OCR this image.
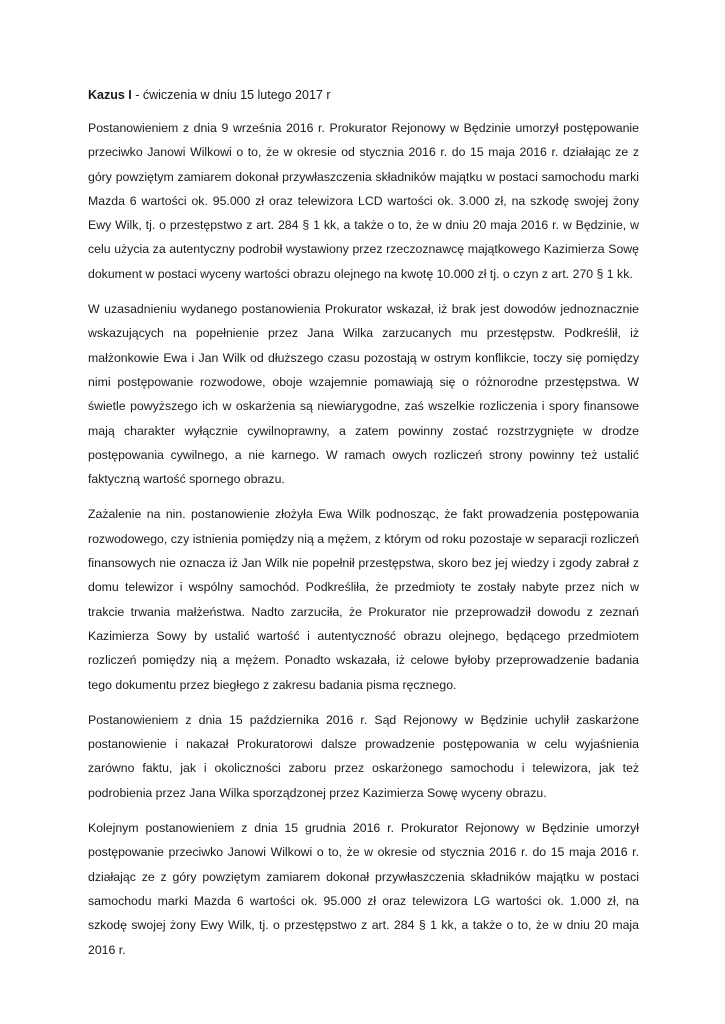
Kazus I - ćwiczenia w dniu 15 lutego 2017 r

Postanowieniem z dnia 9 września 2016 r. Prokurator Rejonowy w Będzinie umorzył postępowanie przeciwko Janowi Wilkowi o to, że w okresie od stycznia 2016 r. do 15 maja 2016 r. działając ze z góry powziętym zamiarem dokonał przywłaszczenia składników majątku w postaci samochodu marki Mazda 6 wartości ok. 95.000 zł oraz telewizora LCD wartości ok. 3.000 zł, na szkodę swojej żony Ewy Wilk, tj. o przestępstwo z art. 284 § 1 kk, a także o to, że w dniu 20 maja 2016 r. w Będzinie, w celu użycia za autentyczny podrobił wystawiony przez rzeczoznawcę majątkowego Kazimierza Sowę dokument w postaci wyceny wartości obrazu olejnego na kwotę 10.000 zł tj. o czyn z art. 270 § 1 kk.

W uzasadnieniu wydanego postanowienia Prokurator wskazał, iż brak jest dowodów jednoznacznie wskazujących na popełnienie przez Jana Wilka zarzucanych mu przestępstw. Podkreślił, iż małżonkowie Ewa i Jan Wilk od dłuższego czasu pozostają w ostrym konflikcie, toczy się pomiędzy nimi postępowanie rozwodowe, oboje wzajemnie pomawiają się o różnorodne przestępstwa. W świetle powyższego ich w oskarżenia są niewiarygodne, zaś wszelkie rozliczenia i spory finansowe mają charakter wyłącznie cywilnoprawny, a zatem powinny zostać rozstrzygnięte w drodze postępowania cywilnego, a nie karnego. W ramach owych rozliczeń strony powinny też ustalić faktyczną wartość spornego obrazu.

Zażalenie na nin. postanowienie złożyła Ewa Wilk podnosząc, że fakt prowadzenia postępowania rozwodowego, czy istnienia pomiędzy nią a mężem, z którym od roku pozostaje w separacji rozliczeń finansowych nie oznacza iż Jan Wilk nie popełnił przestępstwa, skoro bez jej wiedzy i zgody zabrał z domu telewizor i wspólny samochód. Podkreśliła, że przedmioty te zostały nabyte przez nich w trakcie trwania małżeństwa. Nadto zarzuciła, że Prokurator nie przeprowadził dowodu z zeznań Kazimierza Sowy by ustalić wartość i autentyczność obrazu olejnego, będącego przedmiotem rozliczeń pomiędzy nią a mężem. Ponadto wskazała, iż celowe byłoby przeprowadzenie badania tego dokumentu przez biegłego z zakresu badania pisma ręcznego.

Postanowieniem z dnia 15 października 2016 r. Sąd Rejonowy w Będzinie uchylił zaskarżone postanowienie i nakazał Prokuratorowi dalsze prowadzenie postępowania w celu wyjaśnienia zarówno faktu, jak i okoliczności zaboru przez oskarżonego samochodu i telewizora, jak też podrobienia przez Jana Wilka sporządzonej przez Kazimierza Sowę wyceny obrazu.

Kolejnym postanowieniem z dnia 15 grudnia 2016 r. Prokurator Rejonowy w Będzinie umorzył postępowanie przeciwko Janowi Wilkowi o to, że w okresie od stycznia 2016 r. do 15 maja 2016 r. działając ze z góry powziętym zamiarem dokonał przywłaszczenia składników majątku w postaci samochodu marki Mazda 6 wartości ok. 95.000 zł oraz telewizora LG wartości ok. 1.000 zł, na szkodę swojej żony Ewy Wilk, tj. o przestępstwo z art. 284 § 1 kk, a także o to, że w dniu 20 maja 2016 r.
